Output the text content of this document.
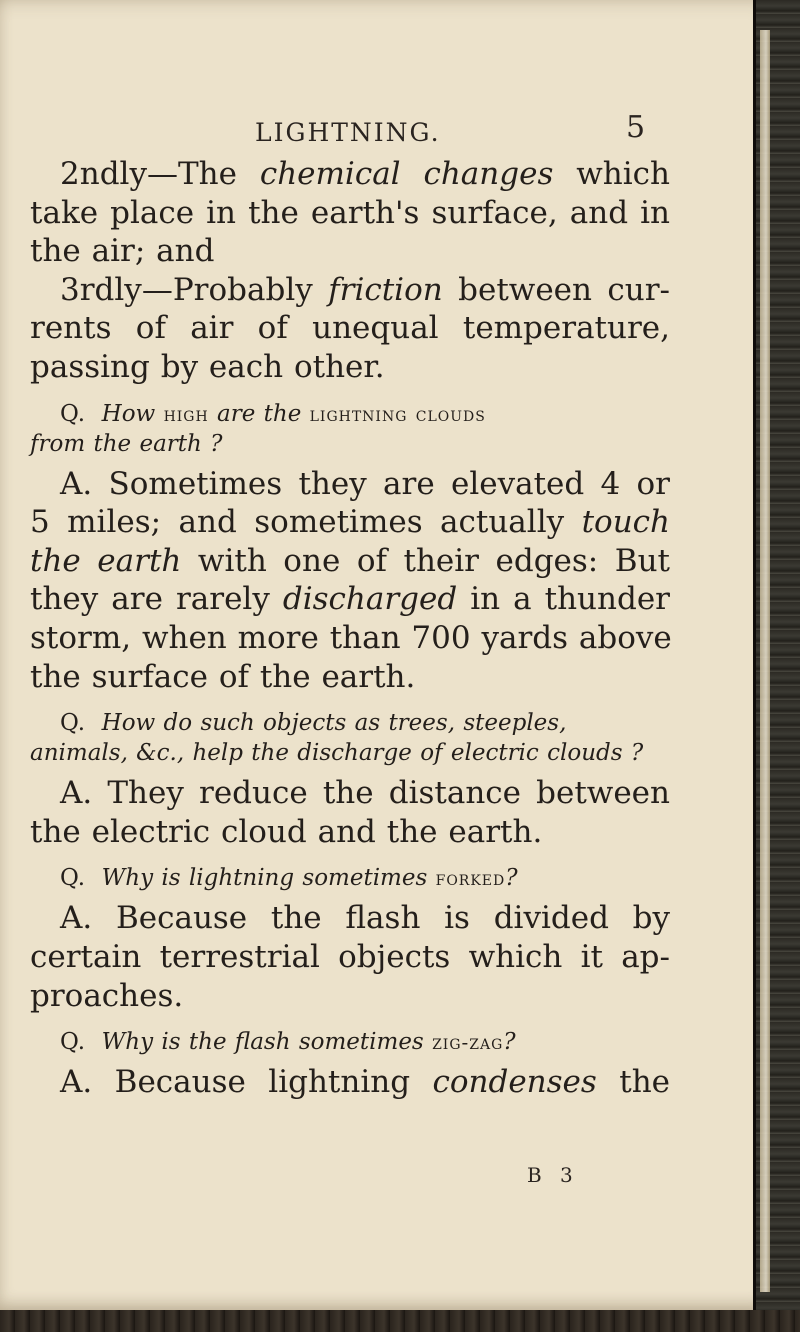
LIGHTNING.	5
2ndly—The chemical changes which
take place in the earth's surface, and in
the air; and
3rdly—Probably friction between cur-
rents of air of unequal temperature,
passing by each other.
Q. How high are the lightning clouds
from the earth ?
A. Sometimes they are elevated 4 or
5 miles; and sometimes actually touch
the earth with one of their edges: But
they are rarely discharged in a thunder
storm, when more than 700 yards above
the surface of the earth.
Q. How do such objects as trees, steeples,
animals, &c., help the discharge of electric clouds ?
A. They reduce the distance between
the electric cloud and the earth.
Q. Why is lightning sometimes forked?
A. Because the flash is divided by
certain terrestrial objects which it ap-
proaches.
Q. Why is the flash sometimes zig-zag?
A. Because lightning condenses the
B 3
